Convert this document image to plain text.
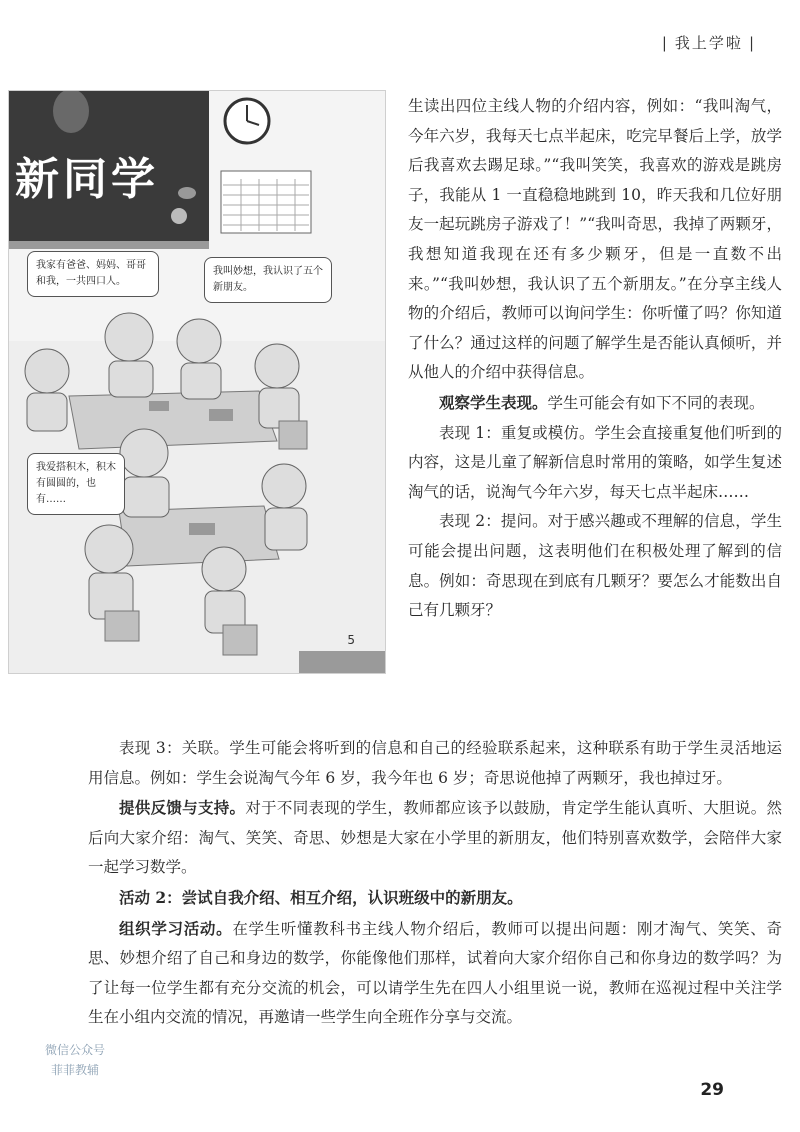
| 我上学啦 |
新同学
我家有爸爸、妈妈、哥哥和我，一共四口人。
我叫妙想，我认识了五个新朋友。
我爱搭积木，积木有圆圆的，也有……
5

生读出四位主线人物的介绍内容，例如：“我叫淘气，今年六岁，我每天七点半起床，吃完早餐后上学，放学后我喜欢去踢足球。”“我叫笑笑，我喜欢的游戏是跳房子，我能从 1 一直稳稳地跳到 10，昨天我和几位好朋友一起玩跳房子游戏了！”“我叫奇思，我掉了两颗牙，我想知道我现在还有多少颗牙，但是一直数不出来。”“我叫妙想，我认识了五个新朋友。”在分享主线人物的介绍后，教师可以询问学生：你听懂了吗？你知道了什么？通过这样的问题了解学生是否能认真倾听，并从他人的介绍中获得信息。

观察学生表现。学生可能会有如下不同的表现。

表现 1：重复或模仿。学生会直接重复他们听到的内容，这是儿童了解新信息时常用的策略，如学生复述淘气的话，说淘气今年六岁，每天七点半起床……

表现 2：提问。对于感兴趣或不理解的信息，学生可能会提出问题，这表明他们在积极处理了解到的信息。例如：奇思现在到底有几颗牙？要怎么才能数出自己有几颗牙？

表现 3：关联。学生可能会将听到的信息和自己的经验联系起来，这种联系有助于学生灵活地运用信息。例如：学生会说淘气今年 6 岁，我今年也 6 岁；奇思说他掉了两颗牙，我也掉过牙。

提供反馈与支持。对于不同表现的学生，教师都应该予以鼓励，肯定学生能认真听、大胆说。然后向大家介绍：淘气、笑笑、奇思、妙想是大家在小学里的新朋友，他们特别喜欢数学，会陪伴大家一起学习数学。

活动 2：尝试自我介绍、相互介绍，认识班级中的新朋友。

组织学习活动。在学生听懂教科书主线人物介绍后，教师可以提出问题：刚才淘气、笑笑、奇思、妙想介绍了自己和身边的数学，你能像他们那样，试着向大家介绍你自己和你身边的数学吗？为了让每一位学生都有充分交流的机会，可以请学生先在四人小组里说一说，教师在巡视过程中关注学生在小组内交流的情况，再邀请一些学生向全班作分享与交流。

微信公众号
菲菲教辅
29
